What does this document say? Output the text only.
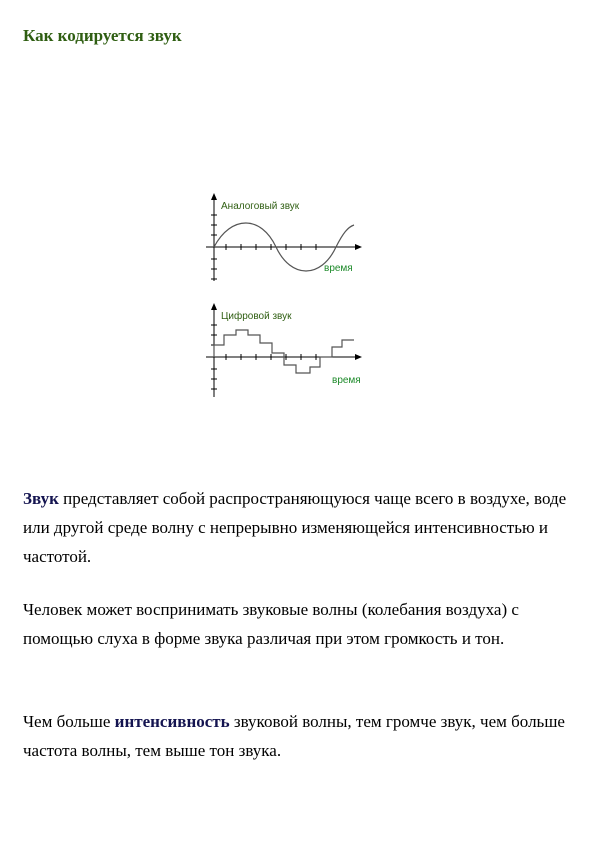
Как кодируется звук
Аналоговый звук
время
Цифровой звук
время

Звук представляет собой распространяющуюся чаще всего в воздухе, воде или другой среде волну с непрерывно изменяющейся интенсивностью и частотой.

Человек может воспринимать звуковые волны (колебания воздуха) с помощью слуха в форме звука различая при этом громкость и тон.

Чем больше интенсивность звуковой волны, тем громче звук, чем больше частота волны, тем выше тон звука.
